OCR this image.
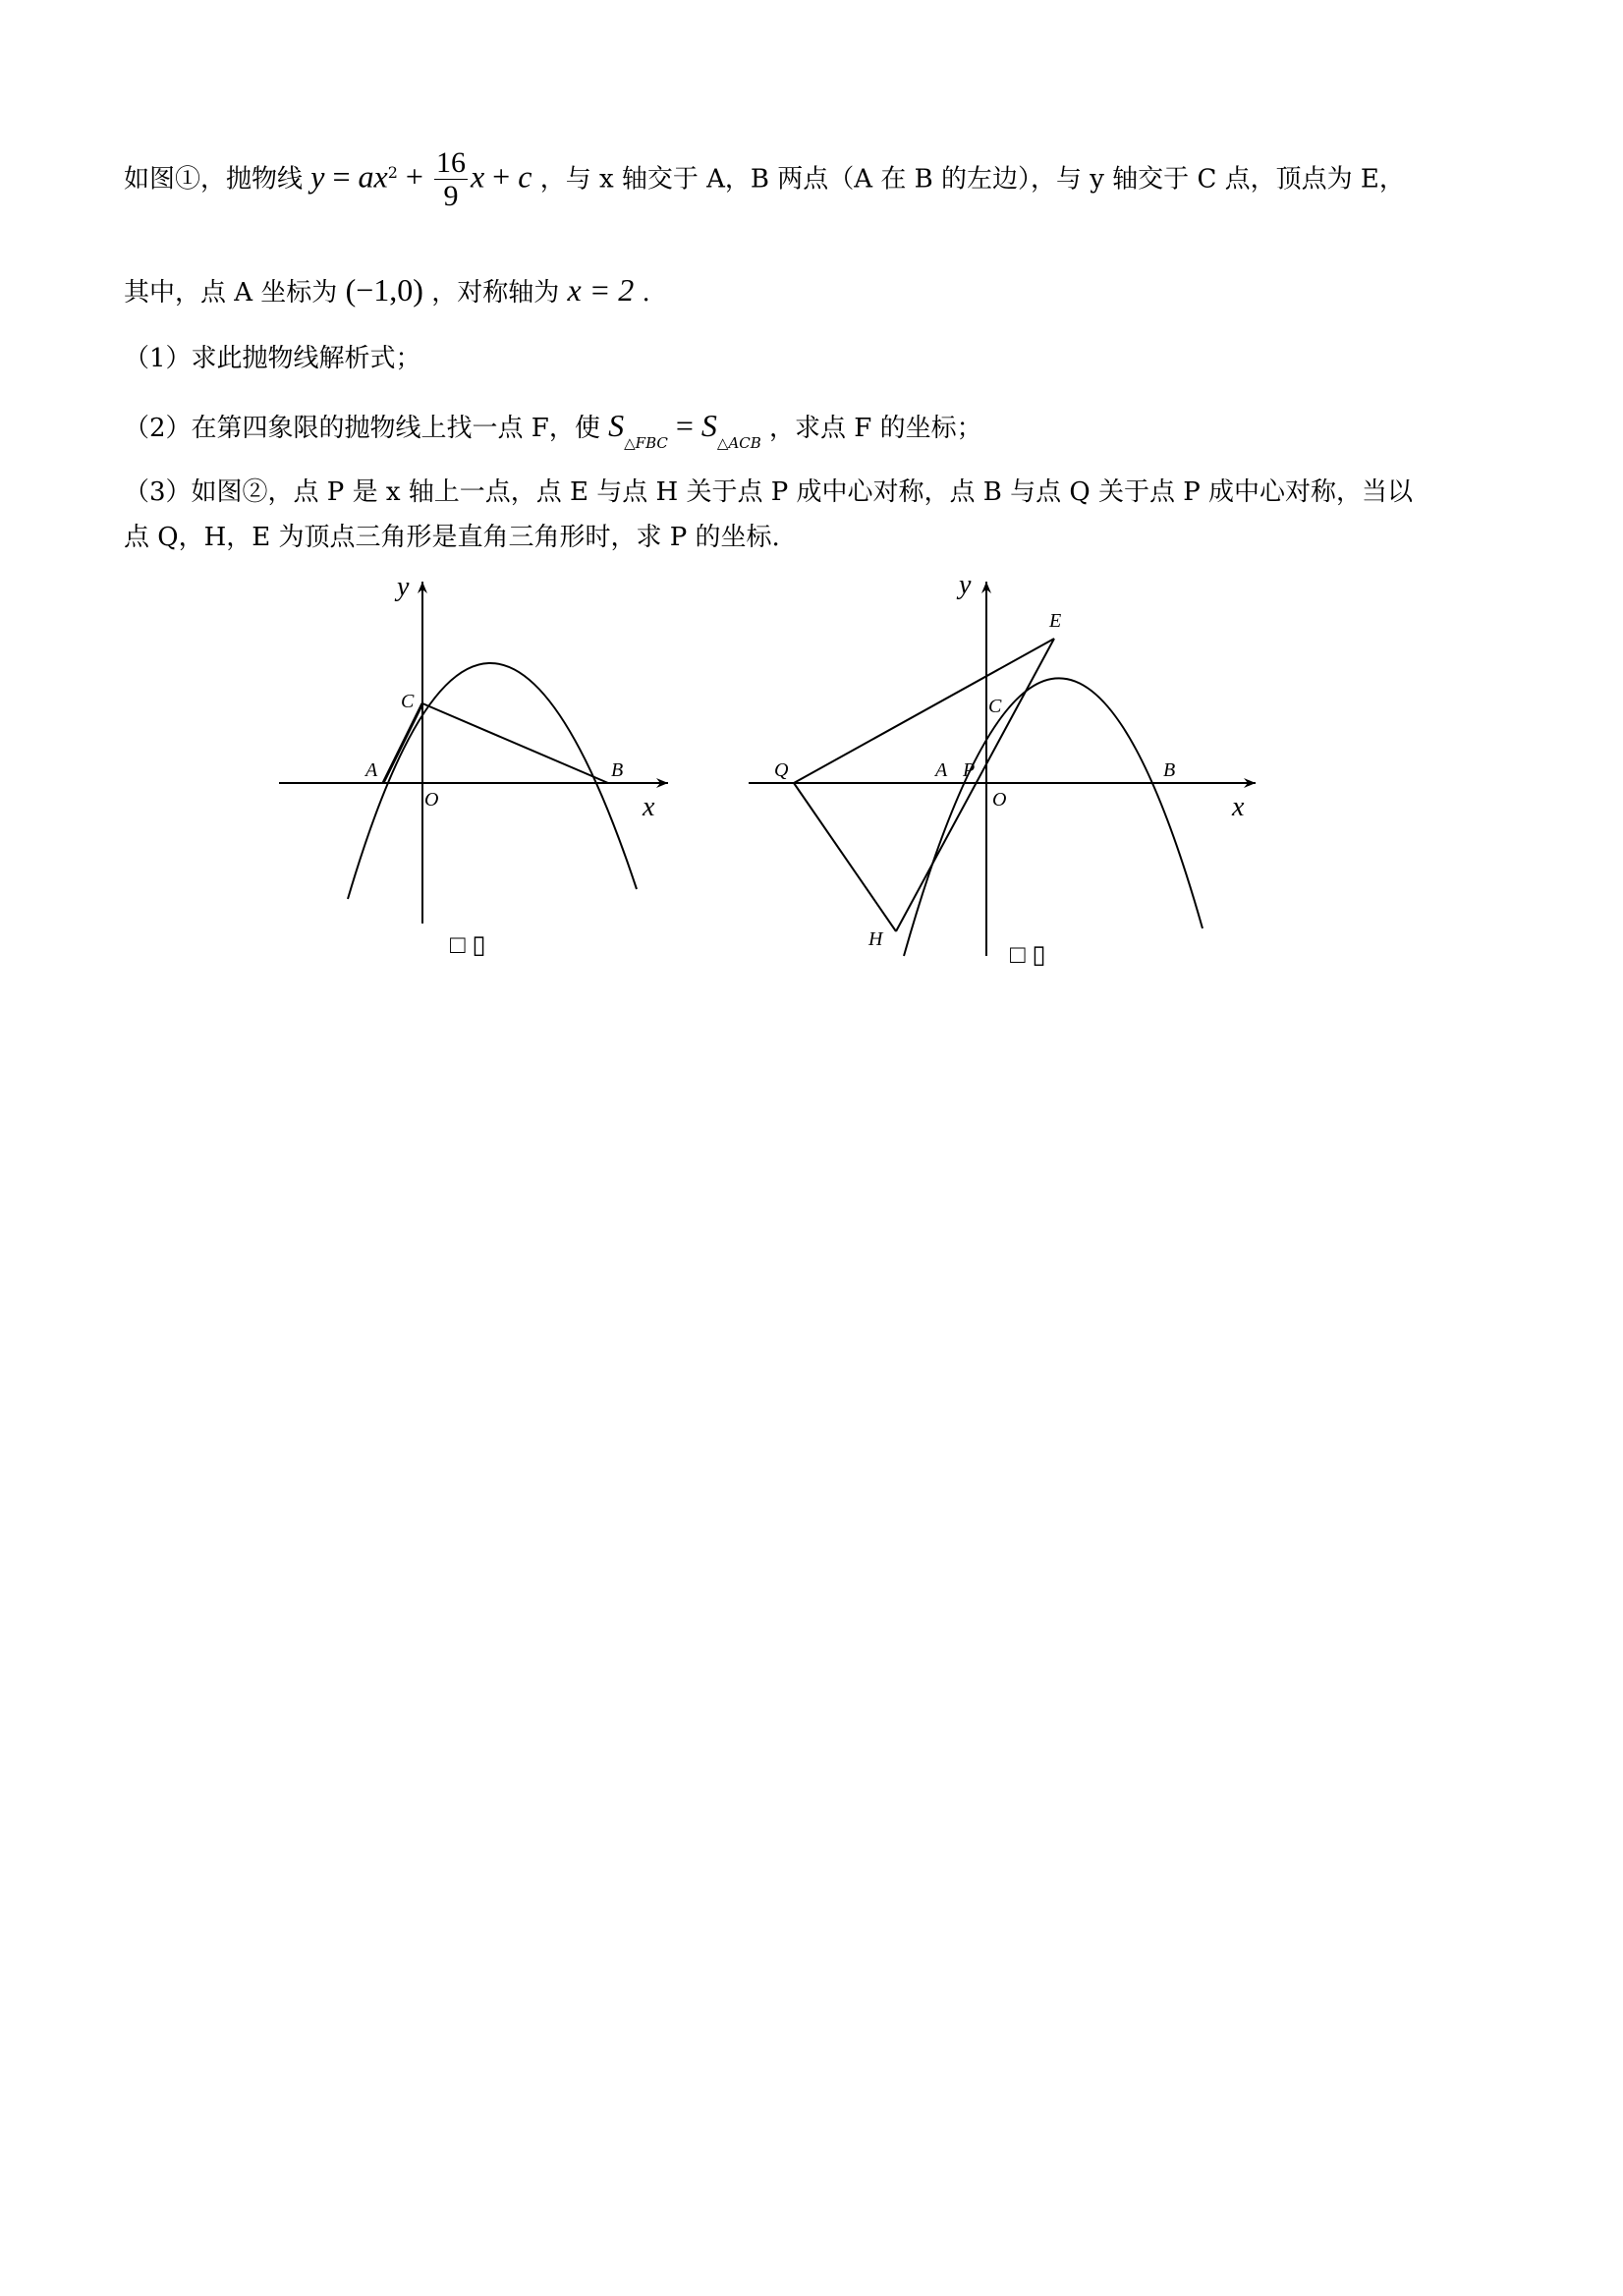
如图①，抛物线 $y = ax^2 + \frac{16}{9}$ x + c ，与 x 轴交于 A，B 两点（A 在 B 的左边），与 y 轴交于 C 点，顶点为 E，
其中，点 A 坐标为 (−1,0) ，对称轴为 x = 2 .
（1）求此抛物线解析式；
（2）在第四象限的抛物线上找一点 F，使 $S_{\triangle FBC} = S_{\triangle ACB}$ ，求点 F 的坐标；
（3）如图②，点 P 是 x 轴上一点，点 E 与点 H 关于点 P 成中心对称，点 B 与点 Q 关于点 P 成中心对称，当以
点 Q，H，E 为顶点三角形是直角三角形时，求 P 的坐标.
y
x
O
A	B
C
□ ▯
y
x
O
A P	B
Q
C
E
H
□ ▯
